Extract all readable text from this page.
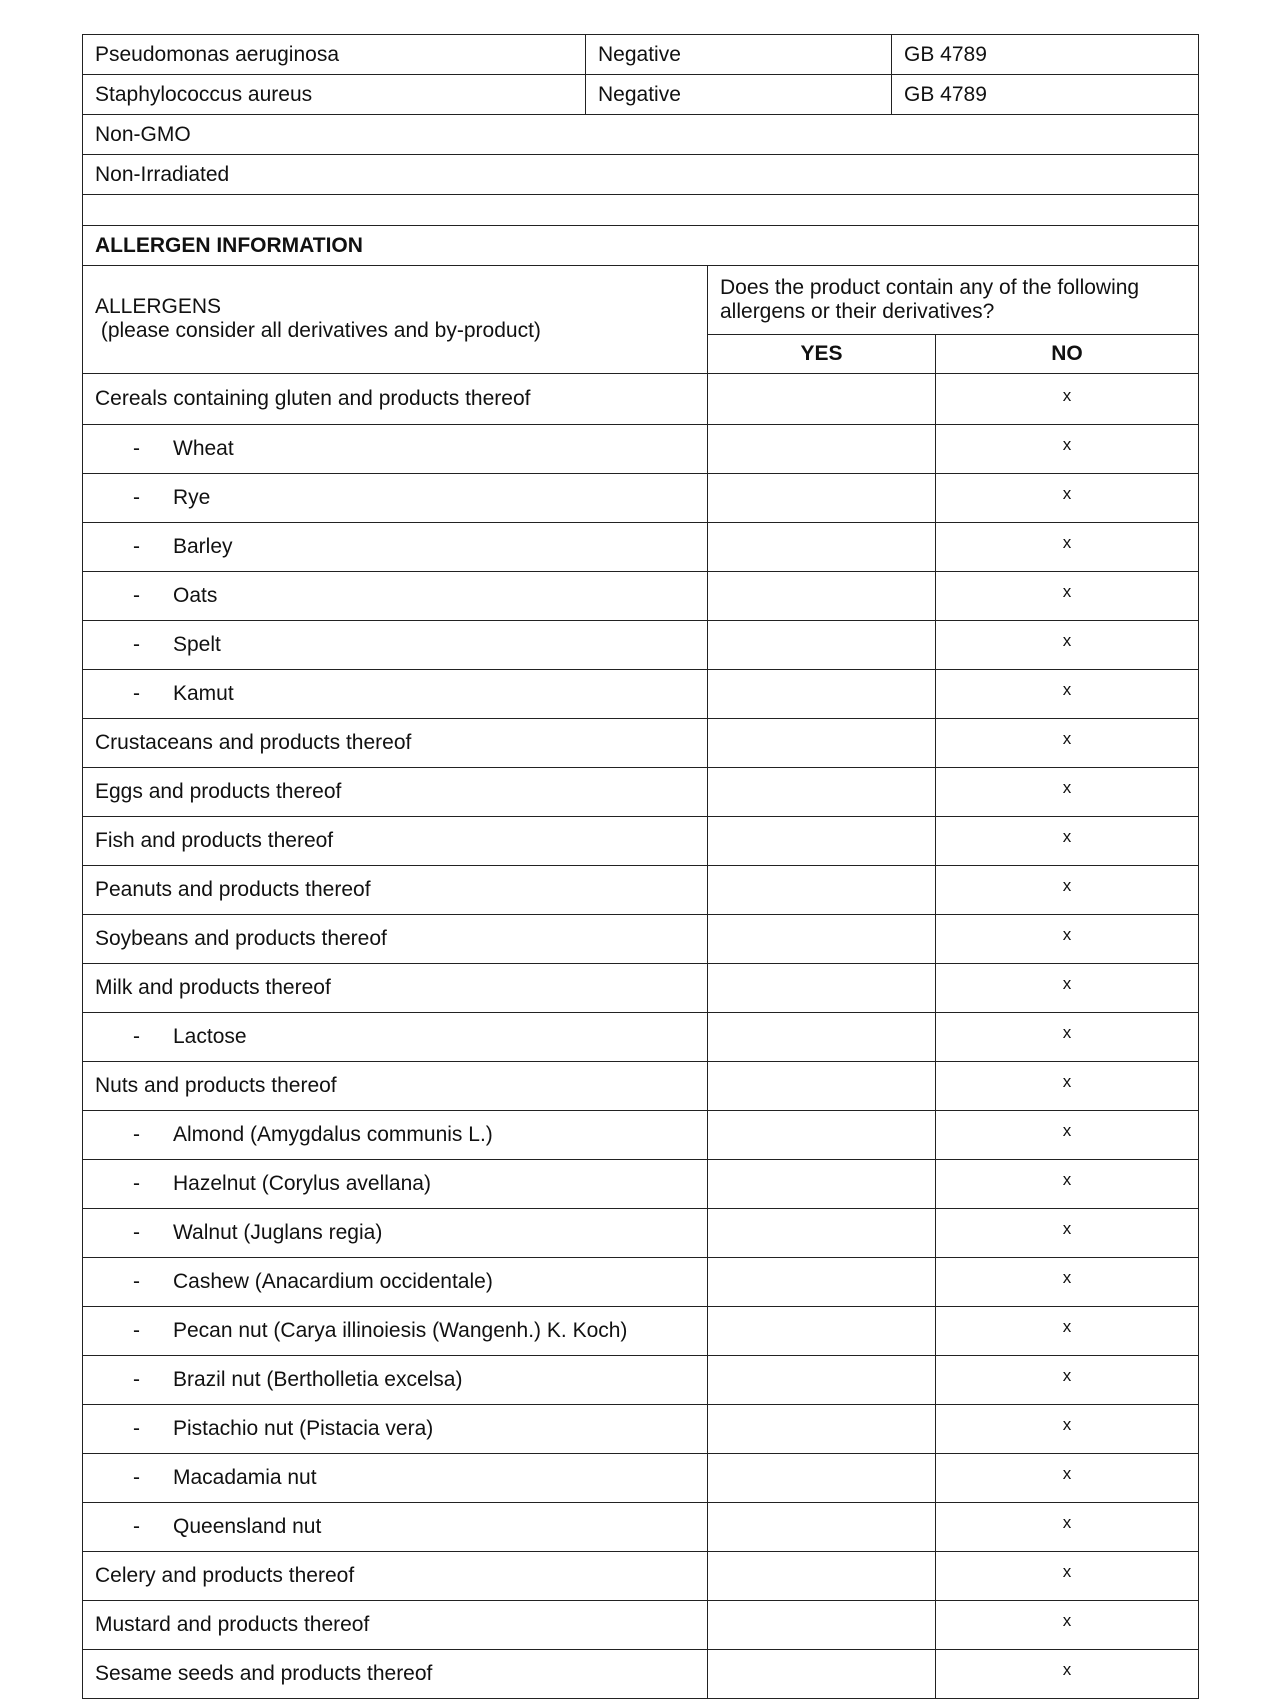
Pseudomonas aeruginosa	Negative	GB 4789
Staphylococcus aureus	Negative	GB 4789
Non-GMO		
Non-Irradiated		

ALLERGEN INFORMATION		
ALLERGENS
(please consider all derivatives and by-product)	Does the product contain any of the following allergens or their derivatives?	
	YES	NO
Cereals containing gluten and products thereof		x

- Wheat		x

- Rye		x

- Barley		x

- Oats		x

- Spelt		x

- Kamut		x
Crustaceans and products thereof		x
Eggs and products thereof		x
Fish and products thereof		x
Peanuts and products thereof		x
Soybeans and products thereof		x
Milk and products thereof		x

- Lactose		x
Nuts and products thereof		x

- Almond (Amygdalus communis L.)		x

- Hazelnut (Corylus avellana)		x

- Walnut (Juglans regia)		x

- Cashew (Anacardium occidentale)		x

- Pecan nut (Carya illinoiesis (Wangenh.) K. Koch)		x

- Brazil nut (Bertholletia excelsa)		x

- Pistachio nut (Pistacia vera)		x

- Macadamia nut		x

- Queensland nut		x
Celery and products thereof		x
Mustard and products thereof		x
Sesame seeds and products thereof		x
